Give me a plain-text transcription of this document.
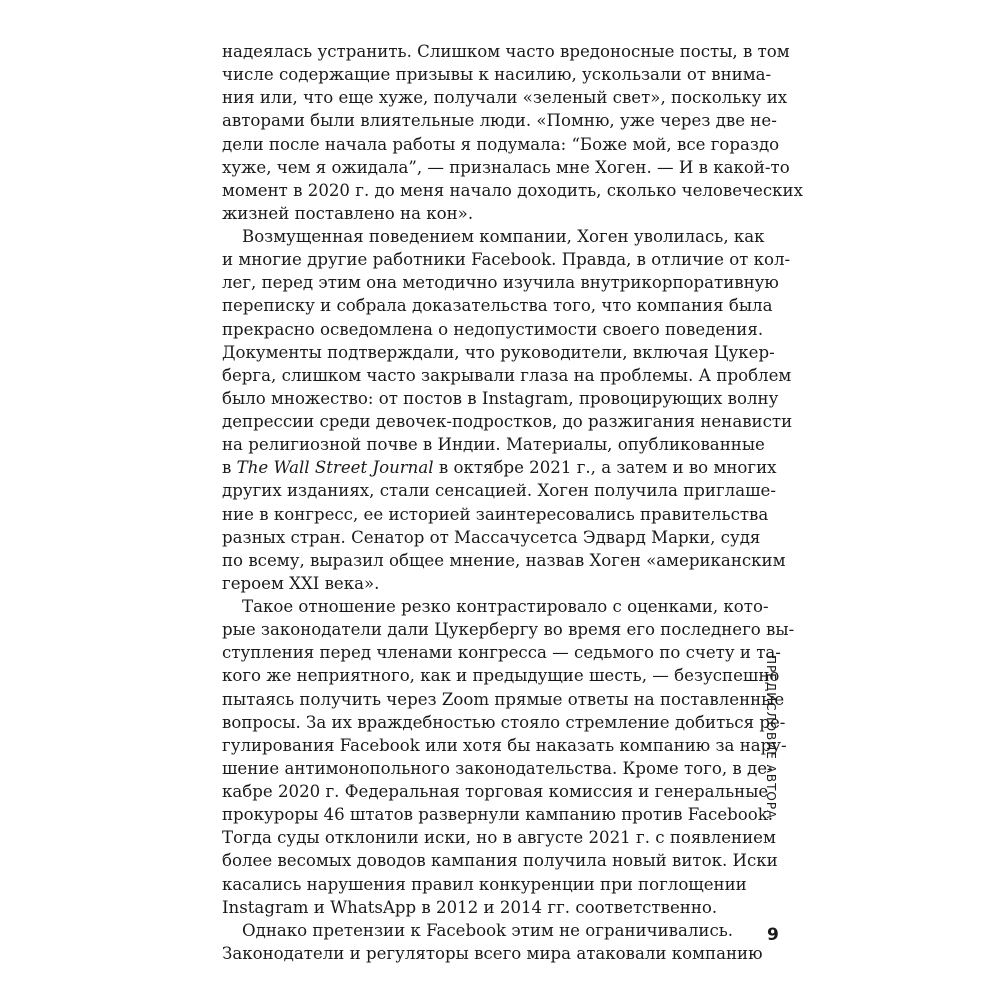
надеялась устранить. Слишком часто вредоносные посты, в том
числе содержащие призывы к насилию, ускользали от внима-
ния или, что еще хуже, получали «зеленый свет», поскольку их
авторами были влиятельные люди. «Помню, уже через две не-
дели после начала работы я подумала: “Боже мой, все гораздо
хуже, чем я ожидала”, — призналась мне Хоген. — И в какой-то
момент в 2020 г. до меня начало доходить, сколько человеческих
жизней поставлено на кон».
Возмущенная поведением компании, Хоген уволилась, как
и многие другие работники Facebook. Правда, в отличие от кол-
лег, перед этим она методично изучила внутрикорпоративную
переписку и собрала доказательства того, что компания была
прекрасно осведомлена о недопустимости своего поведения.
Документы подтверждали, что руководители, включая Цукер-
берга, слишком часто закрывали глаза на проблемы. А проблем
было множество: от постов в Instagram, провоцирующих волну
депрессии среди девочек-подростков, до разжигания ненависти
на религиозной почве в Индии. Материалы, опубликованные
в The Wall Street Journal в октябре 2021 г., а затем и во многих
других изданиях, стали сенсацией. Хоген получила приглаше-
ние в конгресс, ее историей заинтересовались правительства
разных стран. Сенатор от Массачусетса Эдвард Марки, судя
по всему, выразил общее мнение, назвав Хоген «американским
героем XXI века».
Такое отношение резко контрастировало с оценками, кото-
рые законодатели дали Цукербергу во время его последнего вы-
ступления перед членами конгресса — седьмого по счету и та-
кого же неприятного, как и предыдущие шесть, — безуспешно
пытаясь получить через Zoom прямые ответы на поставленные
вопросы. За их враждебностью стояло стремление добиться ре-
гулирования Facebook или хотя бы наказать компанию за нару-
шение антимонопольного законодательства. Кроме того, в де-
кабре 2020 г. Федеральная торговая комиссия и генеральные
прокуроры 46 штатов развернули кампанию против Facebook.
Тогда суды отклонили иски, но в августе 2021 г. с появлением
более весомых доводов кампания получила новый виток. Иски
касались нарушения правил конкуренции при поглощении
Instagram и WhatsApp в 2012 и 2014 гг. соответственно.
Однако претензии к Facebook этим не ограничивались.
Законодатели и регуляторы всего мира атаковали компанию
ПРЕДИСЛОВИЕ АВТОРА
9
